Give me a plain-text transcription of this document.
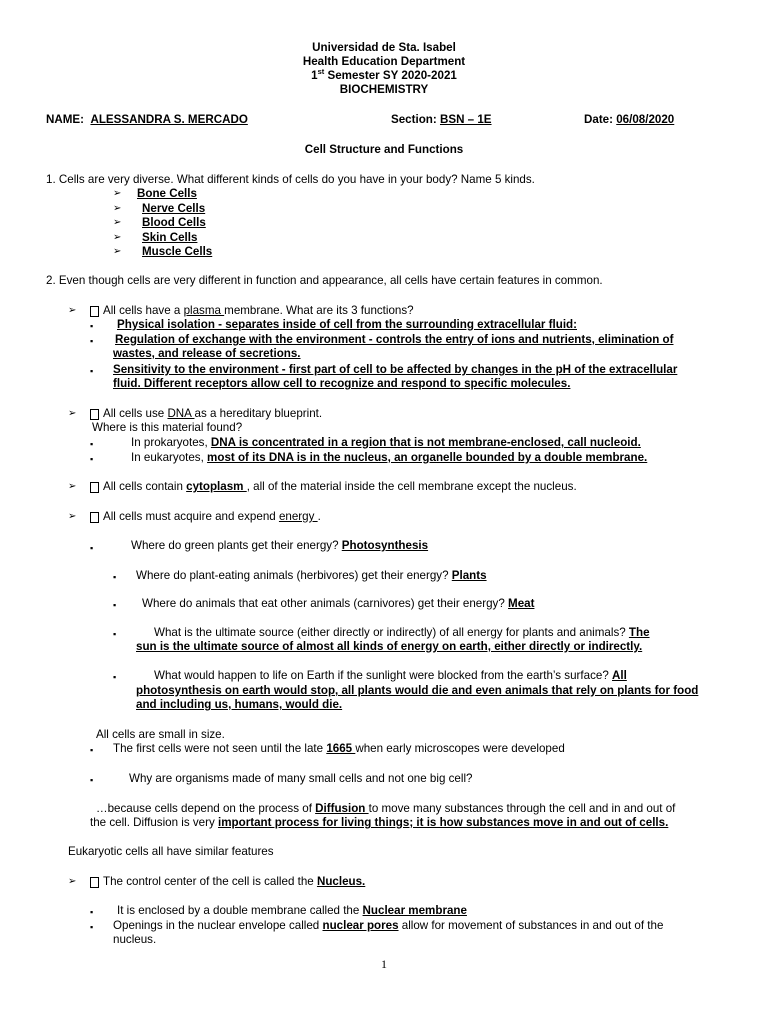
Universidad de Sta. Isabel
Health Education Department
1st Semester SY 2020-2021
BIOCHEMISTRY
NAME: ALESSANDRA S. MERCADO	Section: BSN – 1E	Date: 06/08/2020
Cell Structure and Functions
1. Cells are very diverse. What different kinds of cells do you have in your body? Name 5 kinds.
➢ Bone Cells
➢ Nerve Cells
➢ Blood Cells
➢ Skin Cells
➢ Muscle Cells
2. Even though cells are very different in function and appearance, all cells have certain features in common.
➢ All cells have a plasma membrane. What are its 3 functions?
▪ Physical isolation - separates inside of cell from the surrounding extracellular fluid:
▪ Regulation of exchange with the environment - controls the entry of ions and nutrients, elimination of
wastes, and release of secretions.
▪ Sensitivity to the environment - first part of cell to be affected by changes in the pH of the extracellular
fluid. Different receptors allow cell to recognize and respond to specific molecules.
➢ All cells use DNA as a hereditary blueprint.
Where is this material found?
▪	In prokaryotes, DNA is concentrated in a region that is not membrane-enclosed, call nucleoid.
▪	In eukaryotes, most of its DNA is in the nucleus, an organelle bounded by a double membrane.
➢ All cells contain cytoplasm , all of the material inside the cell membrane except the nucleus.
➢ All cells must acquire and expend energy .
▪	Where do green plants get their energy? Photosynthesis
▪ Where do plant-eating animals (herbivores) get their energy? Plants
▪ Where do animals that eat other animals (carnivores) get their energy? Meat
▪	What is the ultimate source (either directly or indirectly) of all energy for plants and animals? The
sun is the ultimate source of almost all kinds of energy on earth, either directly or indirectly.
▪	What would happen to life on Earth if the sunlight were blocked from the earth’s surface? All
photosynthesis on earth would stop, all plants would die and even animals that rely on plants for food
and including us, humans, would die.
All cells are small in size.
▪ The first cells were not seen until the late 1665 when early microscopes were developed
▪	Why are organisms made of many small cells and not one big cell?
…because cells depend on the process of Diffusion to move many substances through the cell and in and out of
the cell. Diffusion is very important process for living things; it is how substances move in and out of cells.
Eukaryotic cells all have similar features
➢ The control center of the cell is called the Nucleus.
▪ It is enclosed by a double membrane called the Nuclear membrane
▪ Openings in the nuclear envelope called nuclear pores allow for movement of substances in and out of the
nucleus.
1
